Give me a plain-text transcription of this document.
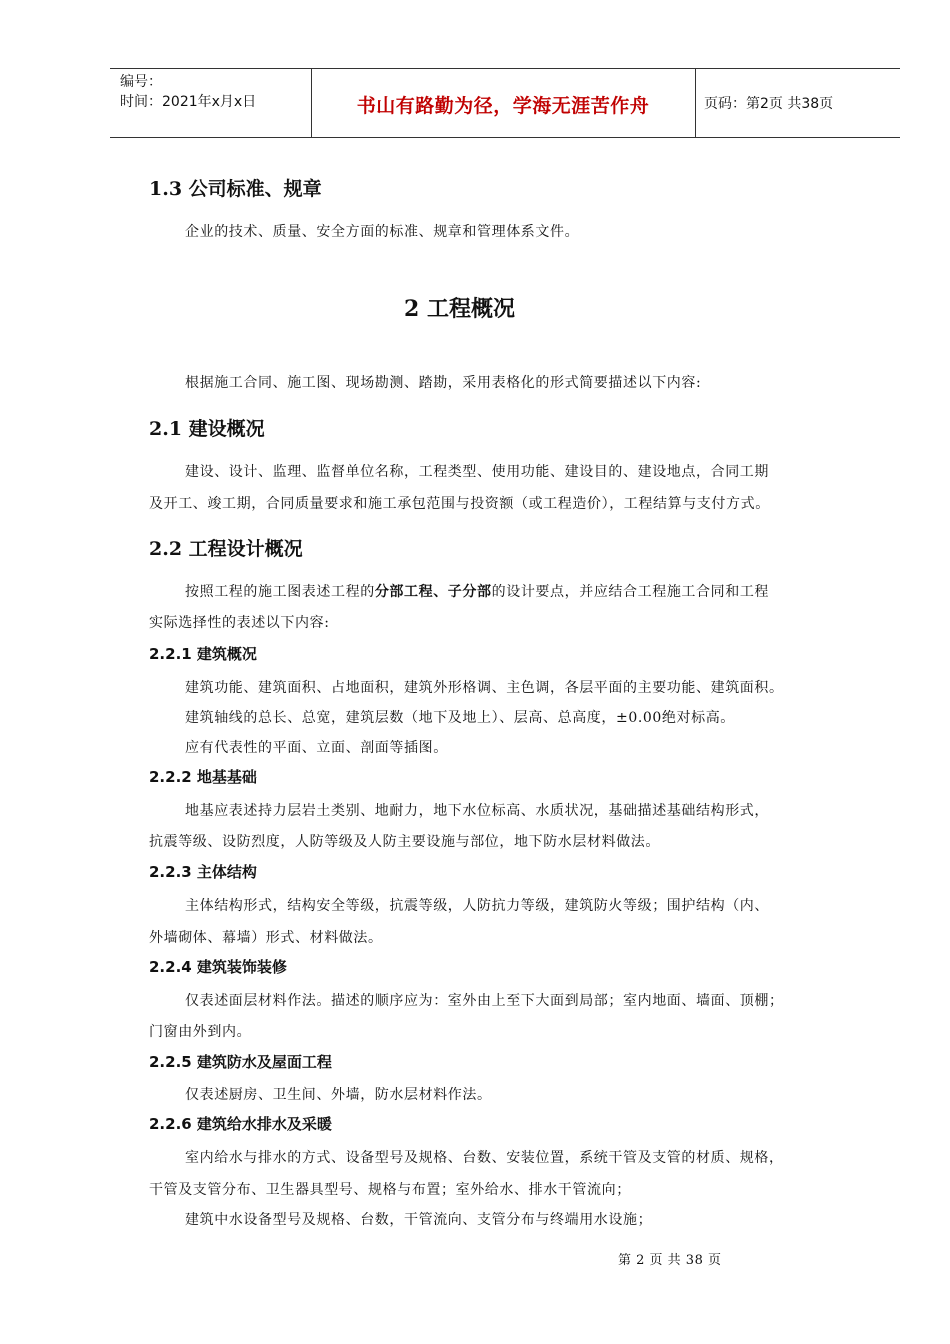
编号：
时间：2021年x月x日	书山有路勤为径，学海无涯苦作舟	页码：第2页 共38页
1.3 公司标准、规章
企业的技术、质量、安全方面的标准、规章和管理体系文件。
2 工程概况
根据施工合同、施工图、现场勘测、踏勘，采用表格化的形式简要描述以下内容:
2.1 建设概况
建设、设计、监理、监督单位名称，工程类型、使用功能、建设目的、建设地点，合同工期
及开工、竣工期，合同质量要求和施工承包范围与投资额（或工程造价），工程结算与支付方式。
2.2 工程设计概况
按照工程的施工图表述工程的分部工程、子分部的设计要点，并应结合工程施工合同和工程
实际选择性的表述以下内容:
2.2.1 建筑概况
建筑功能、建筑面积、占地面积，建筑外形格调、主色调，各层平面的主要功能、建筑面积。
建筑轴线的总长、总宽，建筑层数（地下及地上）、层高、总高度，±0.00绝对标高。
应有代表性的平面、立面、剖面等插图。
2.2.2 地基基础
地基应表述持力层岩土类别、地耐力，地下水位标高、水质状况，基础描述基础结构形式，
抗震等级、设防烈度，人防等级及人防主要设施与部位，地下防水层材料做法。
2.2.3 主体结构
主体结构形式，结构安全等级，抗震等级，人防抗力等级，建筑防火等级；围护结构（内、
外墙砌体、幕墙）形式、材料做法。
2.2.4 建筑装饰装修
仅表述面层材料作法。描述的顺序应为：室外由上至下大面到局部；室内地面、墙面、顶棚；
门窗由外到内。
2.2.5 建筑防水及屋面工程
仅表述厨房、卫生间、外墙，防水层材料作法。
2.2.6 建筑给水排水及采暖
室内给水与排水的方式、设备型号及规格、台数、安装位置，系统干管及支管的材质、规格，
干管及支管分布、卫生器具型号、规格与布置；室外给水、排水干管流向；
建筑中水设备型号及规格、台数，干管流向、支管分布与终端用水设施；
第 2 页 共 38 页
